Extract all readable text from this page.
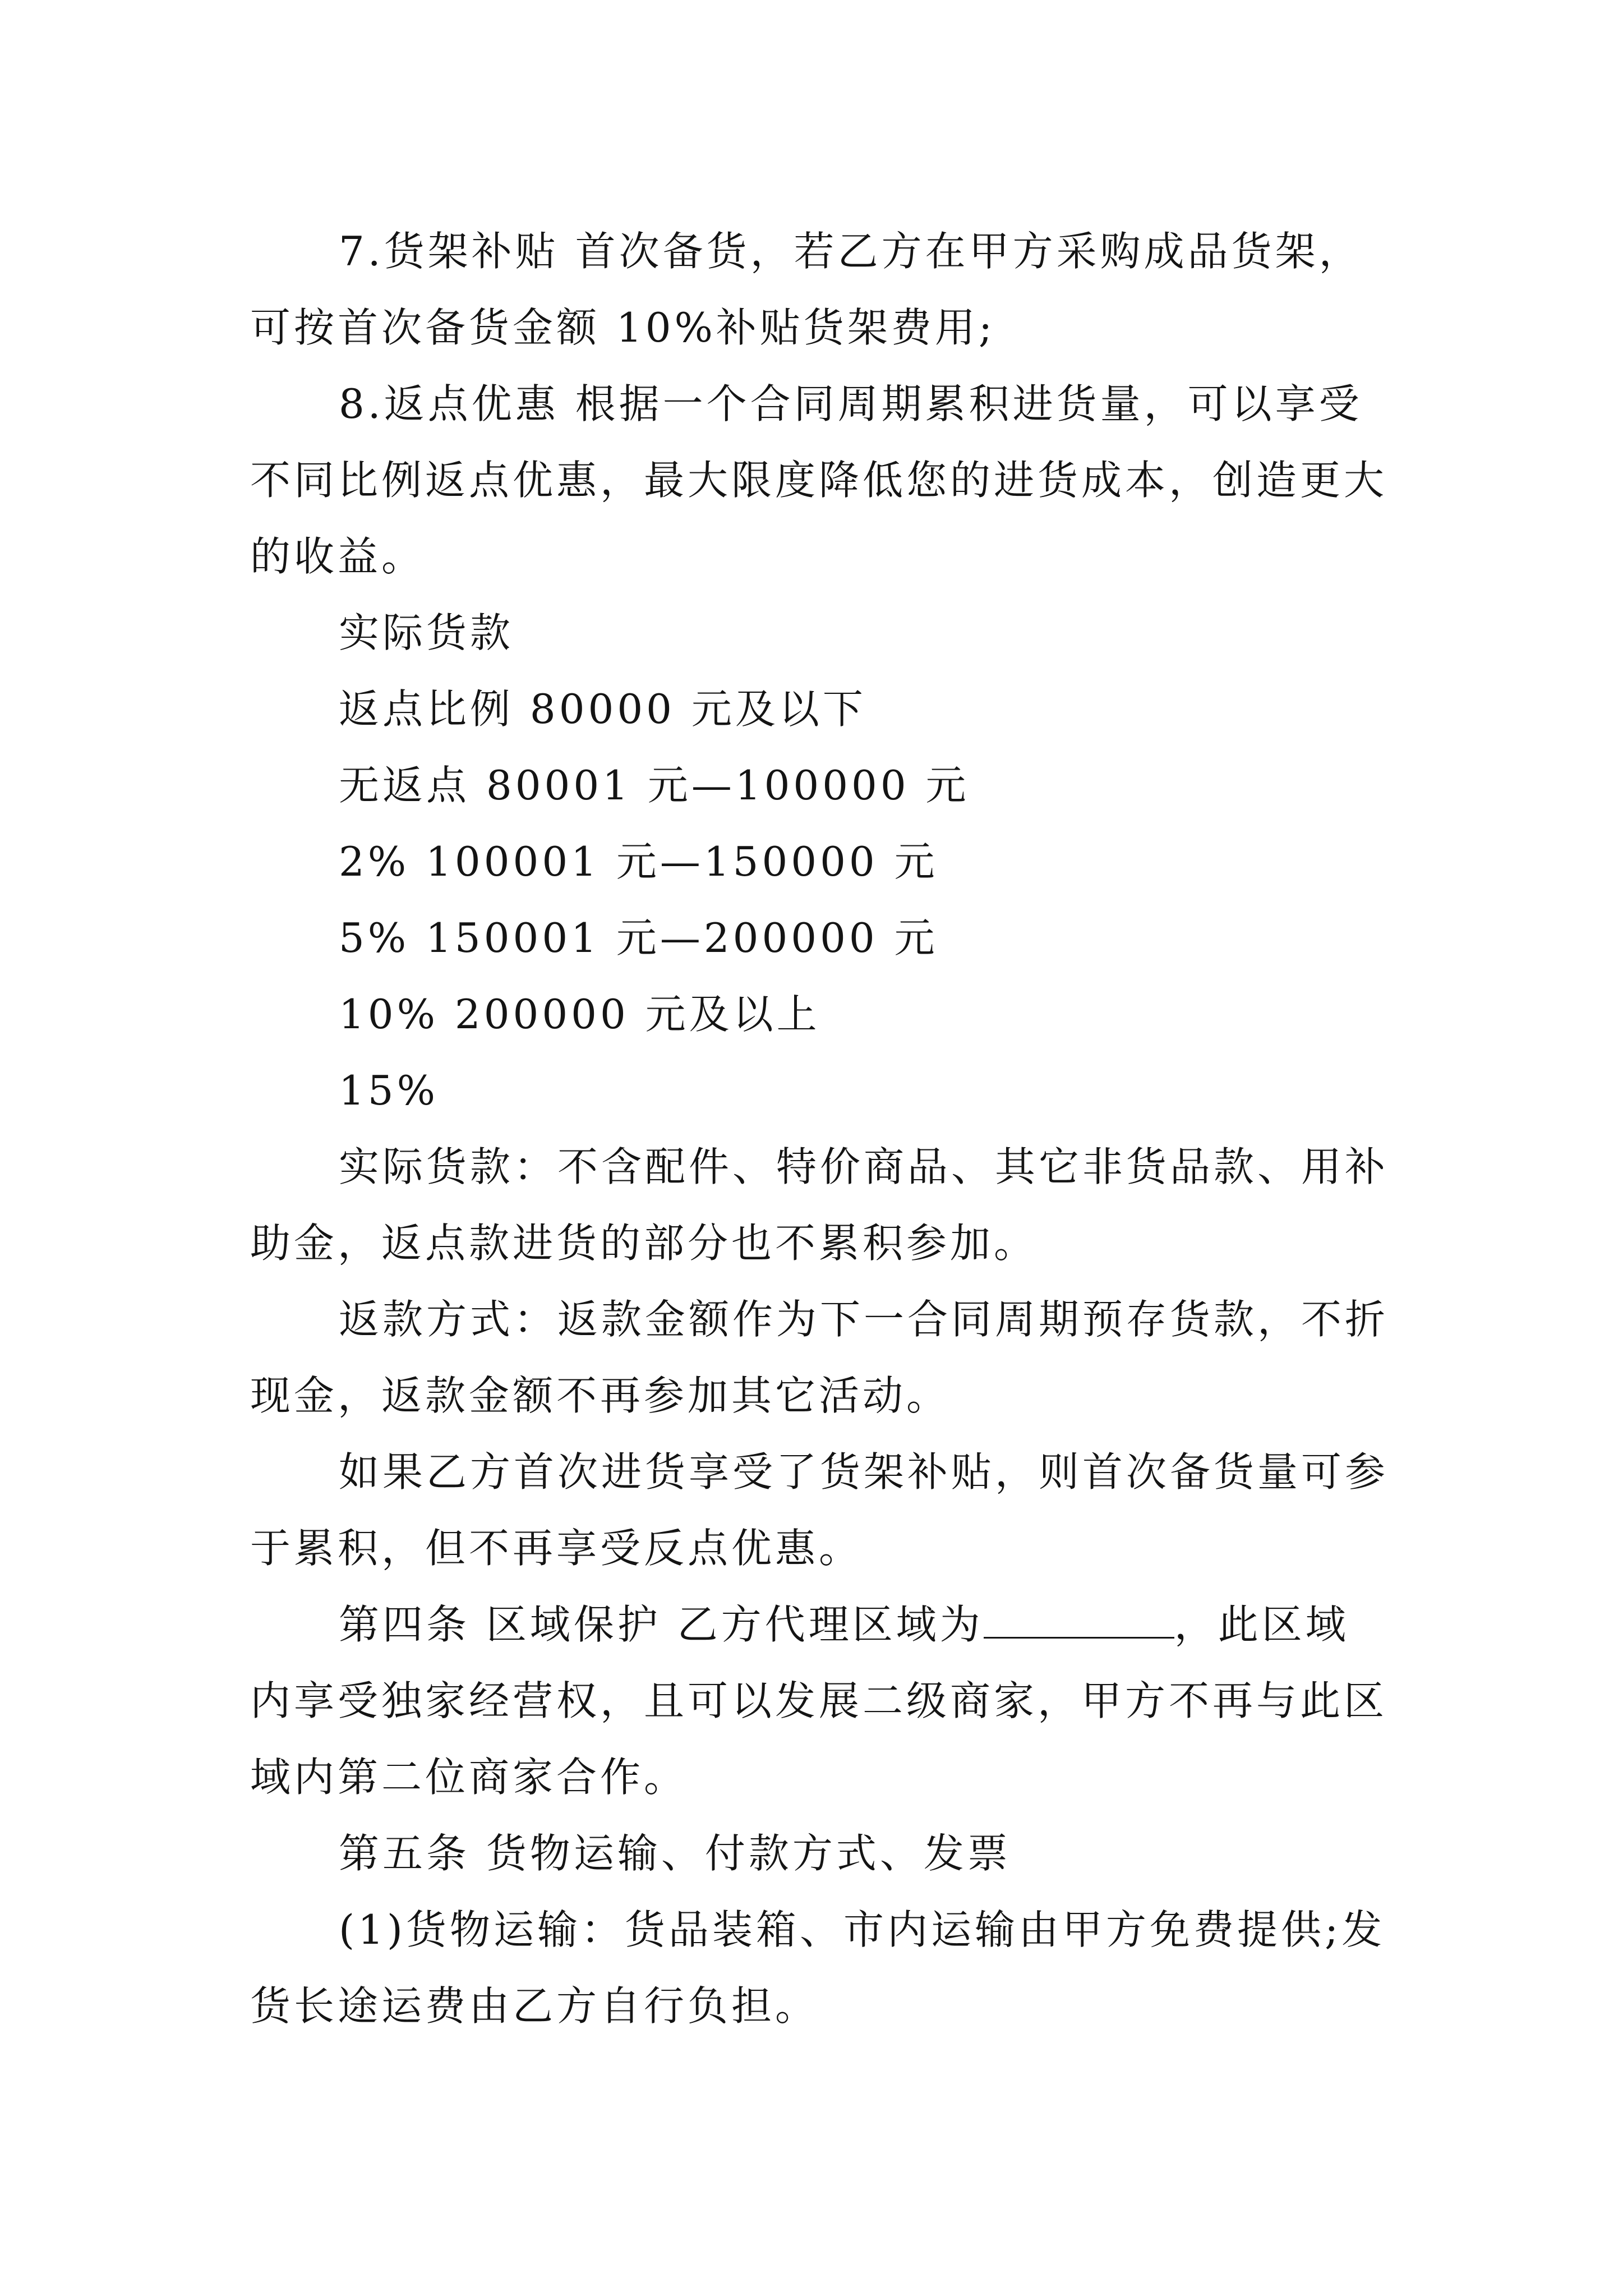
7.货架补贴 首次备货，若乙方在甲方采购成品货架，可按首次备货金额 10%补贴货架费用;

8.返点优惠 根据一个合同周期累积进货量，可以享受不同比例返点优惠，最大限度降低您的进货成本，创造更大的收益。

实际货款

返点比例 80000 元及以下

无返点 80001 元—100000 元

2% 100001 元—150000 元

5% 150001 元—200000 元

10% 200000 元及以上

15%

实际货款：不含配件、特价商品、其它非货品款、用补助金，返点款进货的部分也不累积参加。

返款方式：返款金额作为下一合同周期预存货款，不折现金，返款金额不再参加其它活动。

如果乙方首次进货享受了货架补贴，则首次备货量可参于累积，但不再享受反点优惠。

第四条 区域保护 乙方代理区域为	，此区域内享受独家经营权，且可以发展二级商家，甲方不再与此区域内第二位商家合作。

第五条 货物运输、付款方式、发票

(1)货物运输：货品装箱、市内运输由甲方免费提供;发货长途运费由乙方自行负担。
